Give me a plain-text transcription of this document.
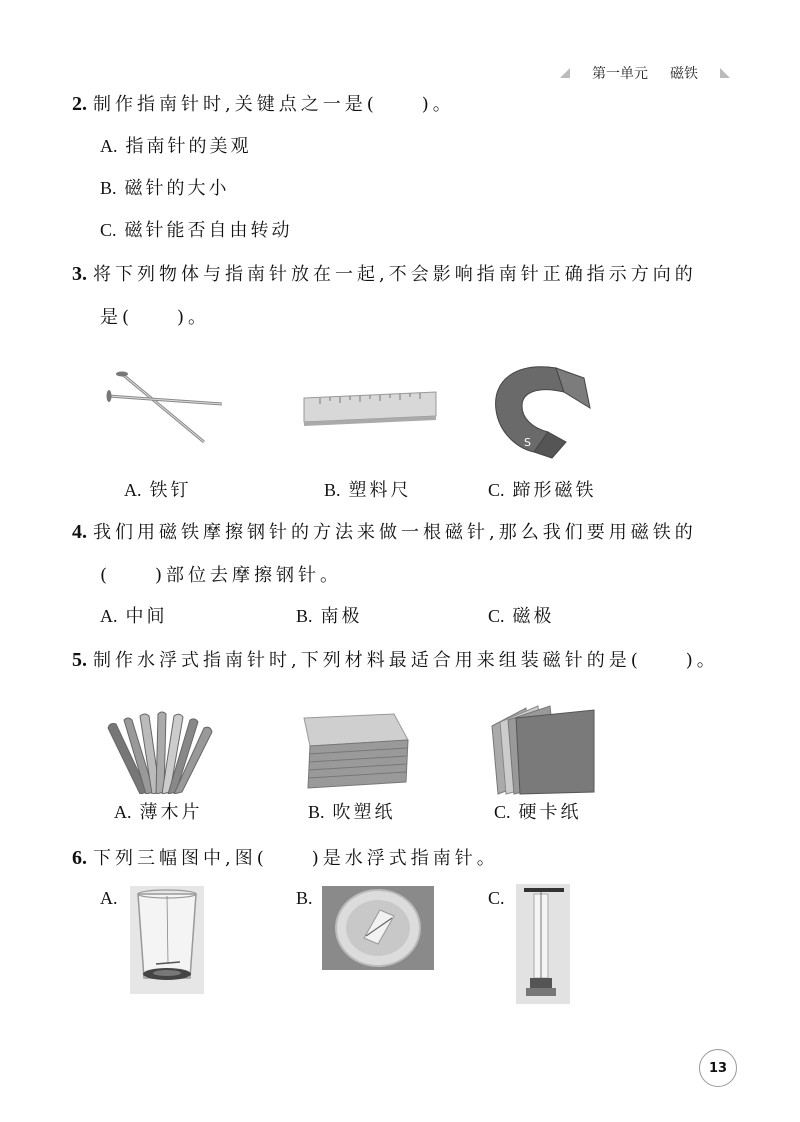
第一单元 磁铁
2. 制作指南针时,关键点之一是(　　)。
A. 指南针的美观
B. 磁针的大小
C. 磁针能否自由转动
3. 将下列物体与指南针放在一起,不会影响指南针正确指示方向的
是(　　)。
N
S
A. 铁钉	B. 塑料尺	C. 蹄形磁铁
4. 我们用磁铁摩擦钢针的方法来做一根磁针,那么我们要用磁铁的
(　　)部位去摩擦钢针。
A. 中间	B. 南极	C. 磁极
5. 制作水浮式指南针时,下列材料最适合用来组装磁针的是(　　)。
A. 薄木片	B. 吹塑纸	C. 硬卡纸
6. 下列三幅图中,图(　　)是水浮式指南针。
A.	B.	C.
13
